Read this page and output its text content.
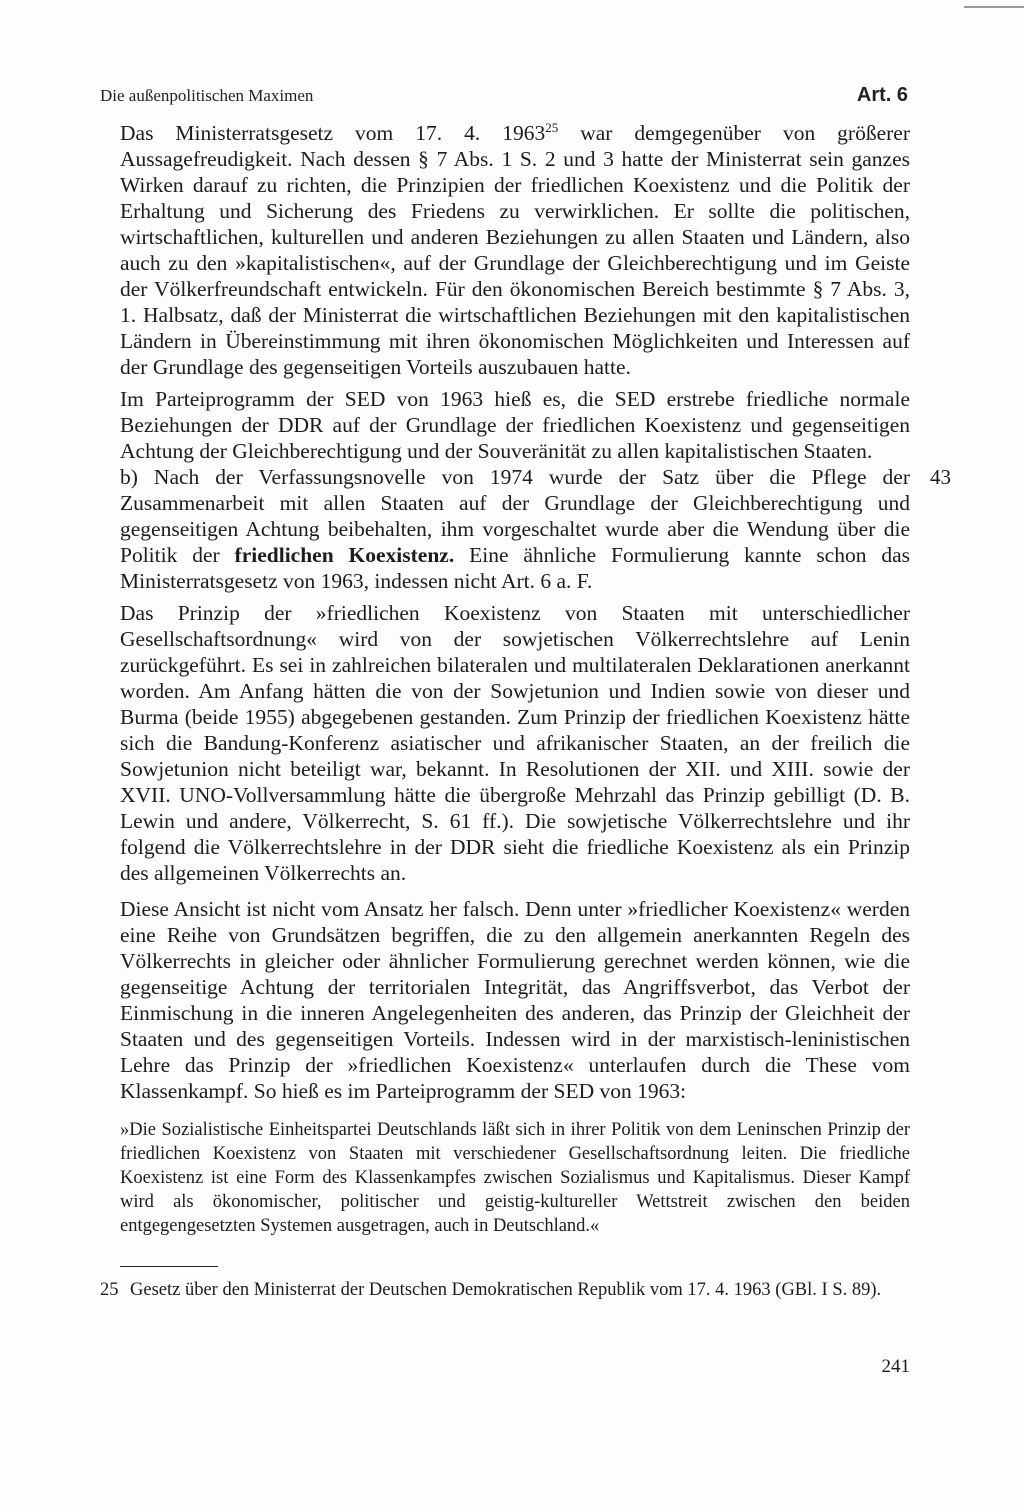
Die außenpolitischen Maximen	Art. 6

Das Ministerratsgesetz vom 17. 4. 1963$^{25}$ war demgegenüber von größerer Aussagefreudigkeit. Nach dessen § 7 Abs. 1 S. 2 und 3 hatte der Ministerrat sein ganzes Wirken darauf zu richten, die Prinzipien der friedlichen Koexistenz und die Politik der Erhaltung und Sicherung des Friedens zu verwirklichen. Er sollte die politischen, wirtschaftlichen, kulturellen und anderen Beziehungen zu allen Staaten und Ländern, also auch zu den »kapitalistischen«, auf der Grundlage der Gleichberechtigung und im Geiste der Völkerfreundschaft entwickeln. Für den ökonomischen Bereich bestimmte § 7 Abs. 3, 1. Halbsatz, daß der Ministerrat die wirtschaftlichen Beziehungen mit den kapitalistischen Ländern in Übereinstimmung mit ihren ökonomischen Möglichkeiten und Interessen auf der Grundlage des gegenseitigen Vorteils auszubauen hatte.

Im Parteiprogramm der SED von 1963 hieß es, die SED erstrebe friedliche normale Beziehungen der DDR auf der Grundlage der friedlichen Koexistenz und gegenseitigen Achtung der Gleichberechtigung und der Souveränität zu allen kapitalistischen Staaten.

43

b) Nach der Verfassungsnovelle von 1974 wurde der Satz über die Pflege der Zusammenarbeit mit allen Staaten auf der Grundlage der Gleichberechtigung und gegenseitigen Achtung beibehalten, ihm vorgeschaltet wurde aber die Wendung über die Politik der friedlichen Koexistenz. Eine ähnliche Formulierung kannte schon das Ministerratsgesetz von 1963, indessen nicht Art. 6 a. F.

Das Prinzip der »friedlichen Koexistenz von Staaten mit unterschiedlicher Gesellschaftsordnung« wird von der sowjetischen Völkerrechtslehre auf Lenin zurückgeführt. Es sei in zahlreichen bilateralen und multilateralen Deklarationen anerkannt worden. Am Anfang hätten die von der Sowjetunion und Indien sowie von dieser und Burma (beide 1955) abgegebenen gestanden. Zum Prinzip der friedlichen Koexistenz hätte sich die Bandung-Konferenz asiatischer und afrikanischer Staaten, an der freilich die Sowjetunion nicht beteiligt war, bekannt. In Resolutionen der XII. und XIII. sowie der XVII. UNO-Vollversammlung hätte die übergroße Mehrzahl das Prinzip gebilligt (D. B. Lewin und andere, Völkerrecht, S. 61 ff.). Die sowjetische Völkerrechtslehre und ihr folgend die Völkerrechtslehre in der DDR sieht die friedliche Koexistenz als ein Prinzip des allgemeinen Völkerrechts an.

Diese Ansicht ist nicht vom Ansatz her falsch. Denn unter »friedlicher Koexistenz« werden eine Reihe von Grundsätzen begriffen, die zu den allgemein anerkannten Regeln des Völkerrechts in gleicher oder ähnlicher Formulierung gerechnet werden können, wie die gegenseitige Achtung der territorialen Integrität, das Angriffsverbot, das Verbot der Einmischung in die inneren Angelegenheiten des anderen, das Prinzip der Gleichheit der Staaten und des gegenseitigen Vorteils. Indessen wird in der marxistisch-leninistischen Lehre das Prinzip der »friedlichen Koexistenz« unterlaufen durch die These vom Klassenkampf. So hieß es im Parteiprogramm der SED von 1963:

»Die Sozialistische Einheitspartei Deutschlands läßt sich in ihrer Politik von dem Leninschen Prinzip der friedlichen Koexistenz von Staaten mit verschiedener Gesellschaftsordnung leiten. Die friedliche Koexistenz ist eine Form des Klassenkampfes zwischen Sozialismus und Kapitalismus. Dieser Kampf wird als ökonomischer, politischer und geistig-kultureller Wettstreit zwischen den beiden entgegengesetzten Systemen ausgetragen, auch in Deutschland.«
25 Gesetz über den Ministerrat der Deutschen Demokratischen Republik vom 17. 4. 1963 (GBl. I S. 89).
241
